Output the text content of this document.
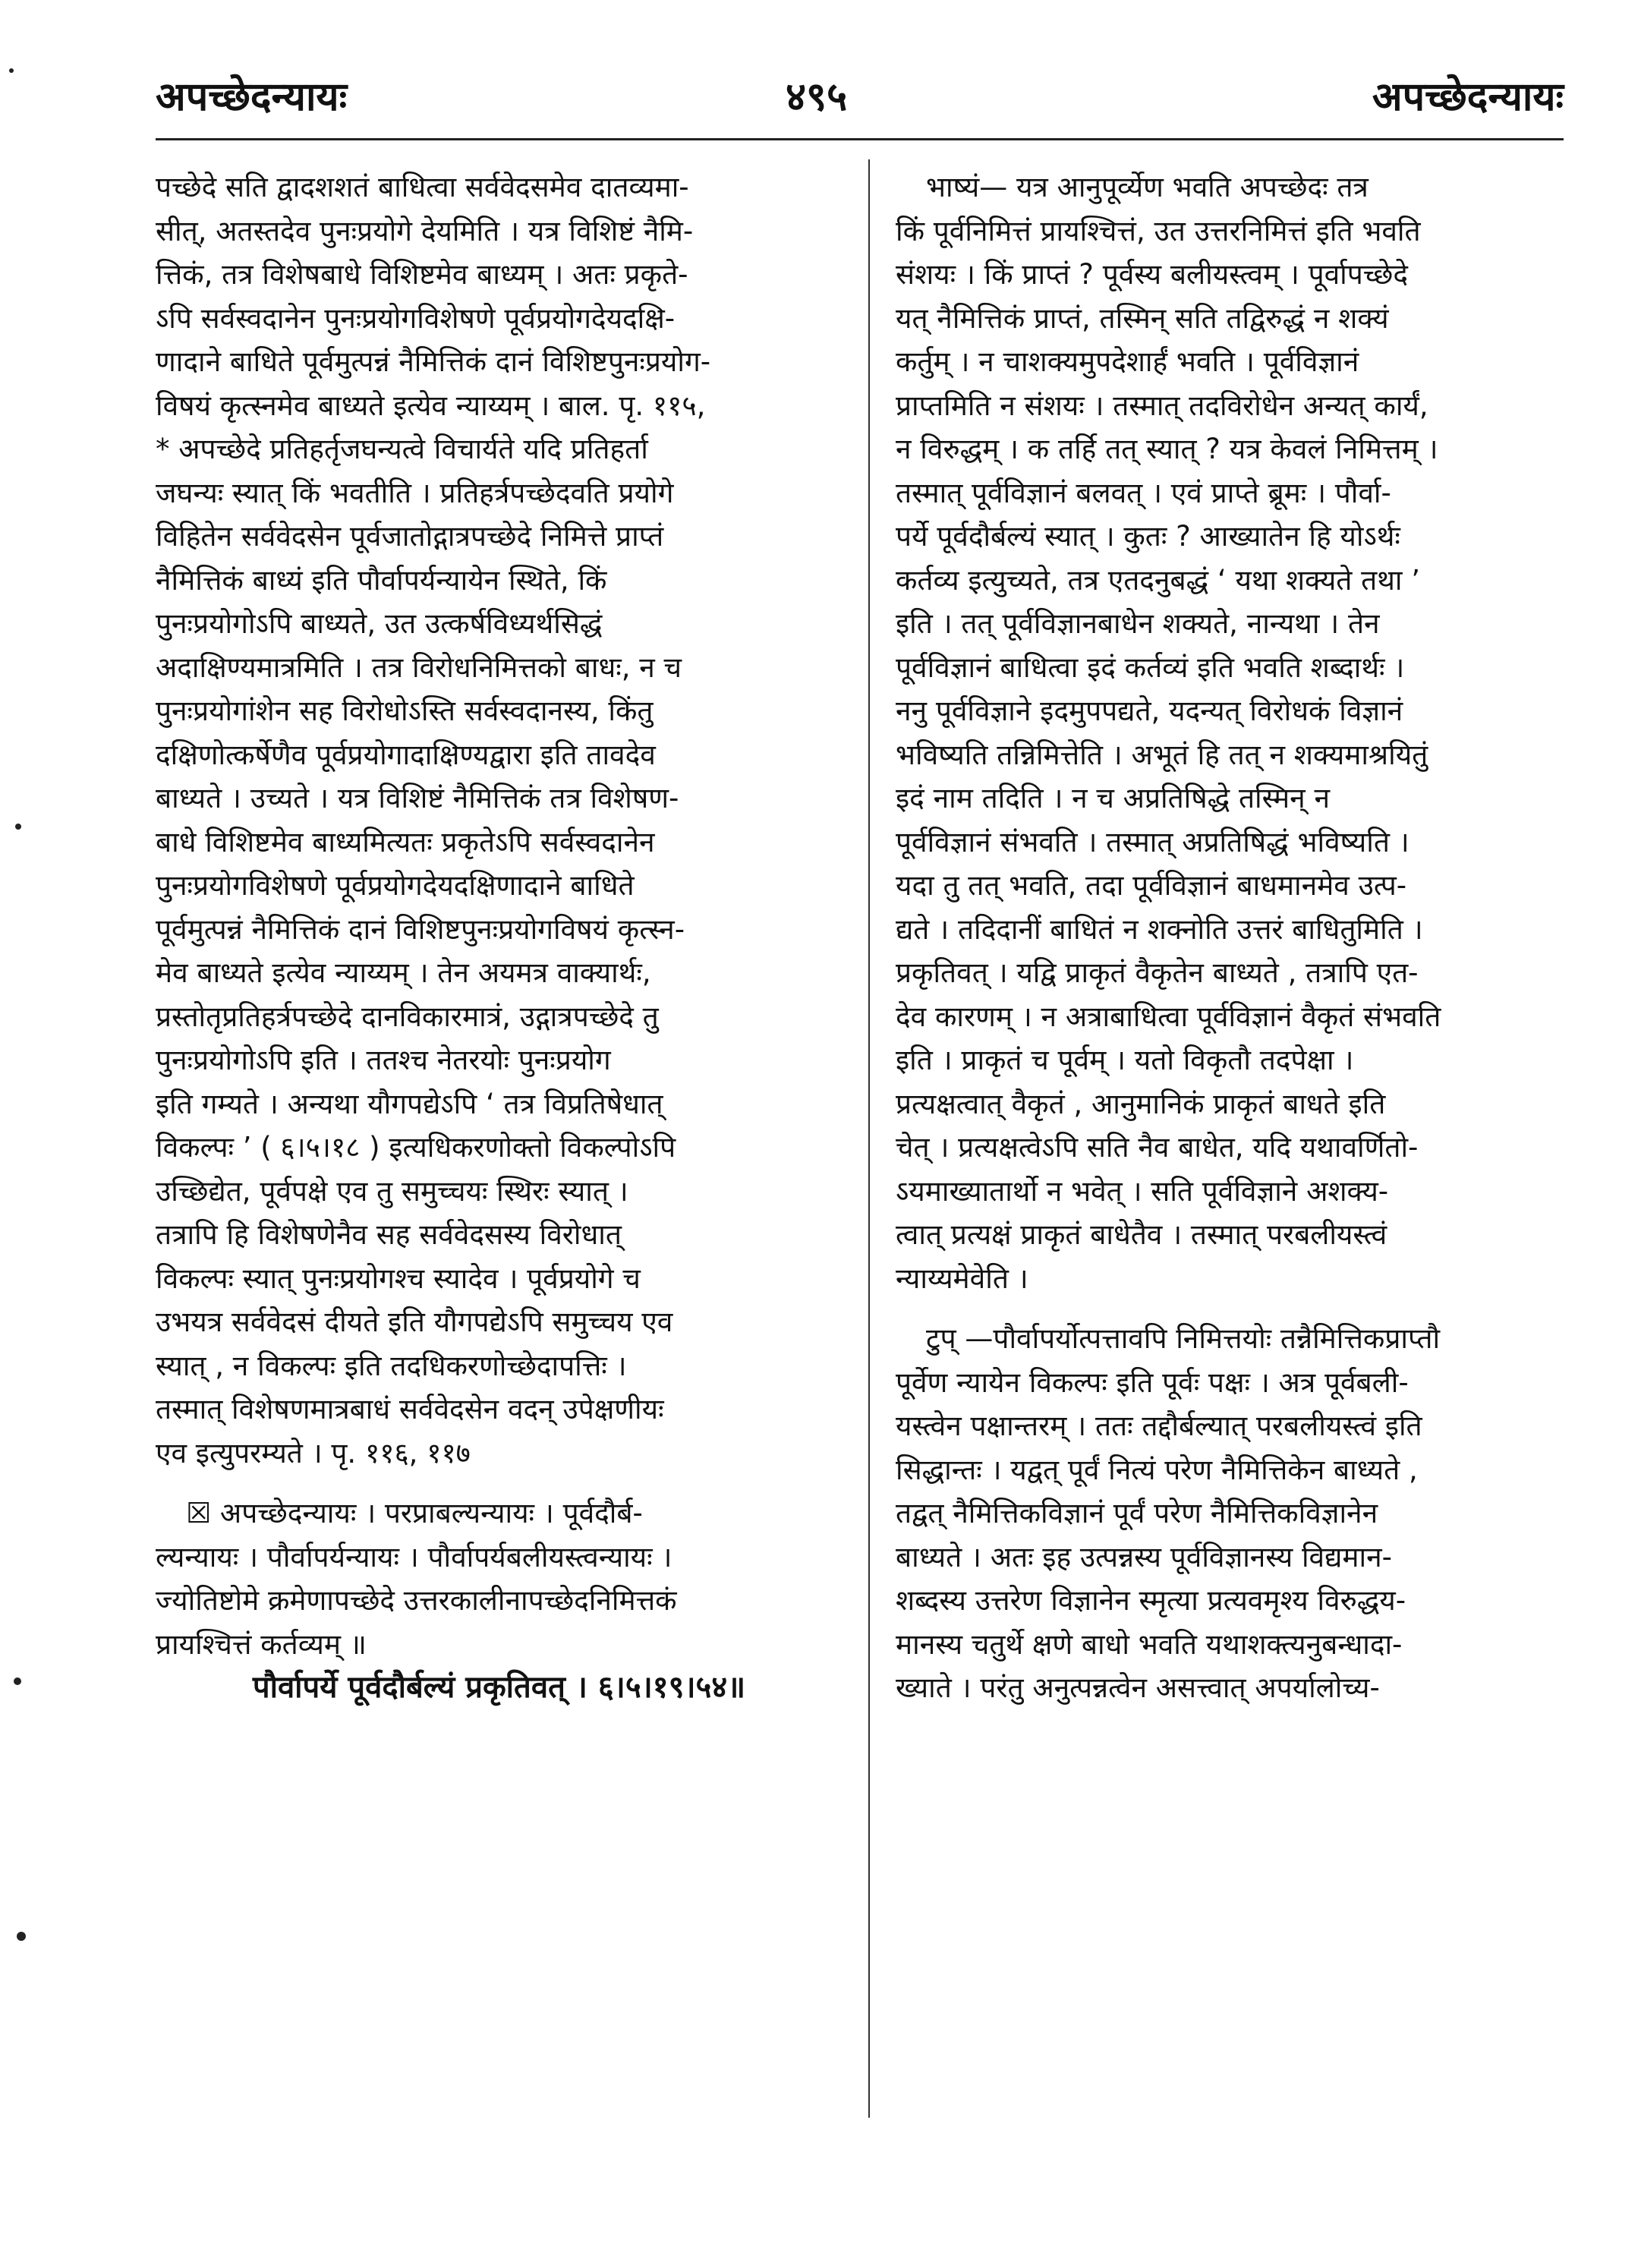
अपच्छेदन्यायः	४९५	अपच्छेदन्यायः
पच्छेदे सति द्वादशशतं बाधित्वा सर्ववेदसमेव दातव्यमा-
सीत्, अतस्तदेव पुनःप्रयोगे देयमिति । यत्र विशिष्टं नैमि-
त्तिकं, तत्र विशेषबाधे विशिष्टमेव बाध्यम् । अतः प्रकृते-
ऽपि सर्वस्वदानेन पुनःप्रयोगविशेषणे पूर्वप्रयोगदेयदक्षि-
णादाने बाधिते पूर्वमुत्पन्नं नैमित्तिकं दानं विशिष्टपुनःप्रयोग-
विषयं कृत्स्नमेव बाध्यते इत्येव न्याय्यम् । बाल. पृ. ११५,
* अपच्छेदे प्रतिहर्तृजघन्यत्वे विचार्यते यदि प्रतिहर्ता
जघन्यः स्यात् किं भवतीति । प्रतिहर्त्रपच्छेदवति प्रयोगे
विहितेन सर्ववेदसेन पूर्वजातोद्गात्रपच्छेदे निमित्ते प्राप्तं
नैमित्तिकं बाध्यं इति पौर्वापर्यन्यायेन स्थिते, किं
पुनःप्रयोगोऽपि बाध्यते, उत उत्कर्षविध्यर्थसिद्धं
अदाक्षिण्यमात्रमिति । तत्र विरोधनिमित्तको बाधः, न च
पुनःप्रयोगांशेन सह विरोधोऽस्ति सर्वस्वदानस्य, किंतु
दक्षिणोत्कर्षेणैव पूर्वप्रयोगादाक्षिण्यद्वारा इति तावदेव
बाध्यते । उच्यते । यत्र विशिष्टं नैमित्तिकं तत्र विशेषण-
बाधे विशिष्टमेव बाध्यमित्यतः प्रकृतेऽपि सर्वस्वदानेन
पुनःप्रयोगविशेषणे पूर्वप्रयोगदेयदक्षिणादाने बाधिते
पूर्वमुत्पन्नं नैमित्तिकं दानं विशिष्टपुनःप्रयोगविषयं कृत्स्न-
मेव बाध्यते इत्येव न्याय्यम् । तेन अयमत्र वाक्यार्थः,
प्रस्तोतृप्रतिहर्त्रपच्छेदे दानविकारमात्रं, उद्गात्रपच्छेदे तु
पुनःप्रयोगोऽपि इति । ततश्च नेतरयोः पुनःप्रयोग
इति गम्यते । अन्यथा यौगपद्येऽपि ‘ तत्र विप्रतिषेधात्
विकल्पः ’ ( ६।५।१८ ) इत्यधिकरणोक्तो विकल्पोऽपि
उच्छिद्येत, पूर्वपक्षे एव तु समुच्चयः स्थिरः स्यात् ।
तत्रापि हि विशेषणेनैव सह सर्ववेदसस्य विरोधात्
विकल्पः स्यात् पुनःप्रयोगश्च स्यादेव । पूर्वप्रयोगे च
उभयत्र सर्ववेदसं दीयते इति यौगपद्येऽपि समुच्चय एव
स्यात् , न विकल्पः इति तदधिकरणोच्छेदापत्तिः ।
तस्मात् विशेषणमात्रबाधं सर्ववेदसेन वदन् उपेक्षणीयः
एव इत्युपरम्यते । पृ. ११६, ११७
☒ अपच्छेदन्यायः । परप्राबल्यन्यायः । पूर्वदौर्ब-
ल्यन्यायः । पौर्वापर्यन्यायः । पौर्वापर्यबलीयस्त्वन्यायः ।
ज्योतिष्टोमे क्रमेणापच्छेदे उत्तरकालीनापच्छेदनिमित्तकं
प्रायश्चित्तं कर्तव्यम् ॥
पौर्वापर्ये पूर्वदौर्बल्यं प्रकृतिवत् । ६।५।१९।५४॥
भाष्यं— यत्र आनुपूर्व्येण भवति अपच्छेदः तत्र
किं पूर्वनिमित्तं प्रायश्चित्तं, उत उत्तरनिमित्तं इति भवति
संशयः । किं प्राप्तं ? पूर्वस्य बलीयस्त्वम् । पूर्वापच्छेदे
यत् नैमित्तिकं प्राप्तं, तस्मिन् सति तद्विरुद्धं न शक्यं
कर्तुम् । न चाशक्यमुपदेशार्हं भवति । पूर्वविज्ञानं
प्राप्तमिति न संशयः । तस्मात् तदविरोधेन अन्यत् कार्यं,
न विरुद्धम् । क तर्हि तत् स्यात् ? यत्र केवलं निमित्तम् ।
तस्मात् पूर्वविज्ञानं बलवत् । एवं प्राप्ते ब्रूमः । पौर्वा-
पर्ये पूर्वदौर्बल्यं स्यात् । कुतः ? आख्यातेन हि योऽर्थः
कर्तव्य इत्युच्यते, तत्र एतदनुबद्धं ‘ यथा शक्यते तथा ’
इति । तत् पूर्वविज्ञानबाधेन शक्यते, नान्यथा । तेन
पूर्वविज्ञानं बाधित्वा इदं कर्तव्यं इति भवति शब्दार्थः ।
ननु पूर्वविज्ञाने इदमुपपद्यते, यदन्यत् विरोधकं विज्ञानं
भविष्यति तन्निमित्तेति । अभूतं हि तत् न शक्यमाश्रयितुं
इदं नाम तदिति । न च अप्रतिषिद्धे तस्मिन् न
पूर्वविज्ञानं संभवति । तस्मात् अप्रतिषिद्धं भविष्यति ।
यदा तु तत् भवति, तदा पूर्वविज्ञानं बाधमानमेव उत्प-
द्यते । तदिदानीं बाधितं न शक्नोति उत्तरं बाधितुमिति ।
प्रकृतिवत् । यद्वि प्राकृतं वैकृतेन बाध्यते , तत्रापि एत-
देव कारणम् । न अत्राबाधित्वा पूर्वविज्ञानं वैकृतं संभवति
इति । प्राकृतं च पूर्वम् । यतो विकृतौ तदपेक्षा ।
प्रत्यक्षत्वात् वैकृतं , आनुमानिकं प्राकृतं बाधते इति
चेत् । प्रत्यक्षत्वेऽपि सति नैव बाधेत, यदि यथावर्णितो-
ऽयमाख्यातार्थो न भवेत् । सति पूर्वविज्ञाने अशक्य-
त्वात् प्रत्यक्षं प्राकृतं बाधेतैव । तस्मात् परबलीयस्त्वं
न्याय्यमेवेति ।
टुप् —पौर्वापर्योत्पत्तावपि निमित्तयोः तन्नैमित्तिकप्राप्तौ
पूर्वेण न्यायेन विकल्पः इति पूर्वः पक्षः । अत्र पूर्वबली-
यस्त्वेन पक्षान्तरम् । ततः तद्दौर्बल्यात् परबलीयस्त्वं इति
सिद्धान्तः । यद्वत् पूर्वं नित्यं परेण नैमित्तिकेन बाध्यते ,
तद्वत् नैमित्तिकविज्ञानं पूर्वं परेण नैमित्तिकविज्ञानेन
बाध्यते । अतः इह उत्पन्नस्य पूर्वविज्ञानस्य विद्यमान-
शब्दस्य उत्तरेण विज्ञानेन स्मृत्या प्रत्यवमृश्य विरुद्धय-
मानस्य चतुर्थे क्षणे बाधो भवति यथाशक्त्यनुबन्धादा-
ख्याते । परंतु अनुत्पन्नत्वेन असत्त्वात् अपर्यालोच्य-
